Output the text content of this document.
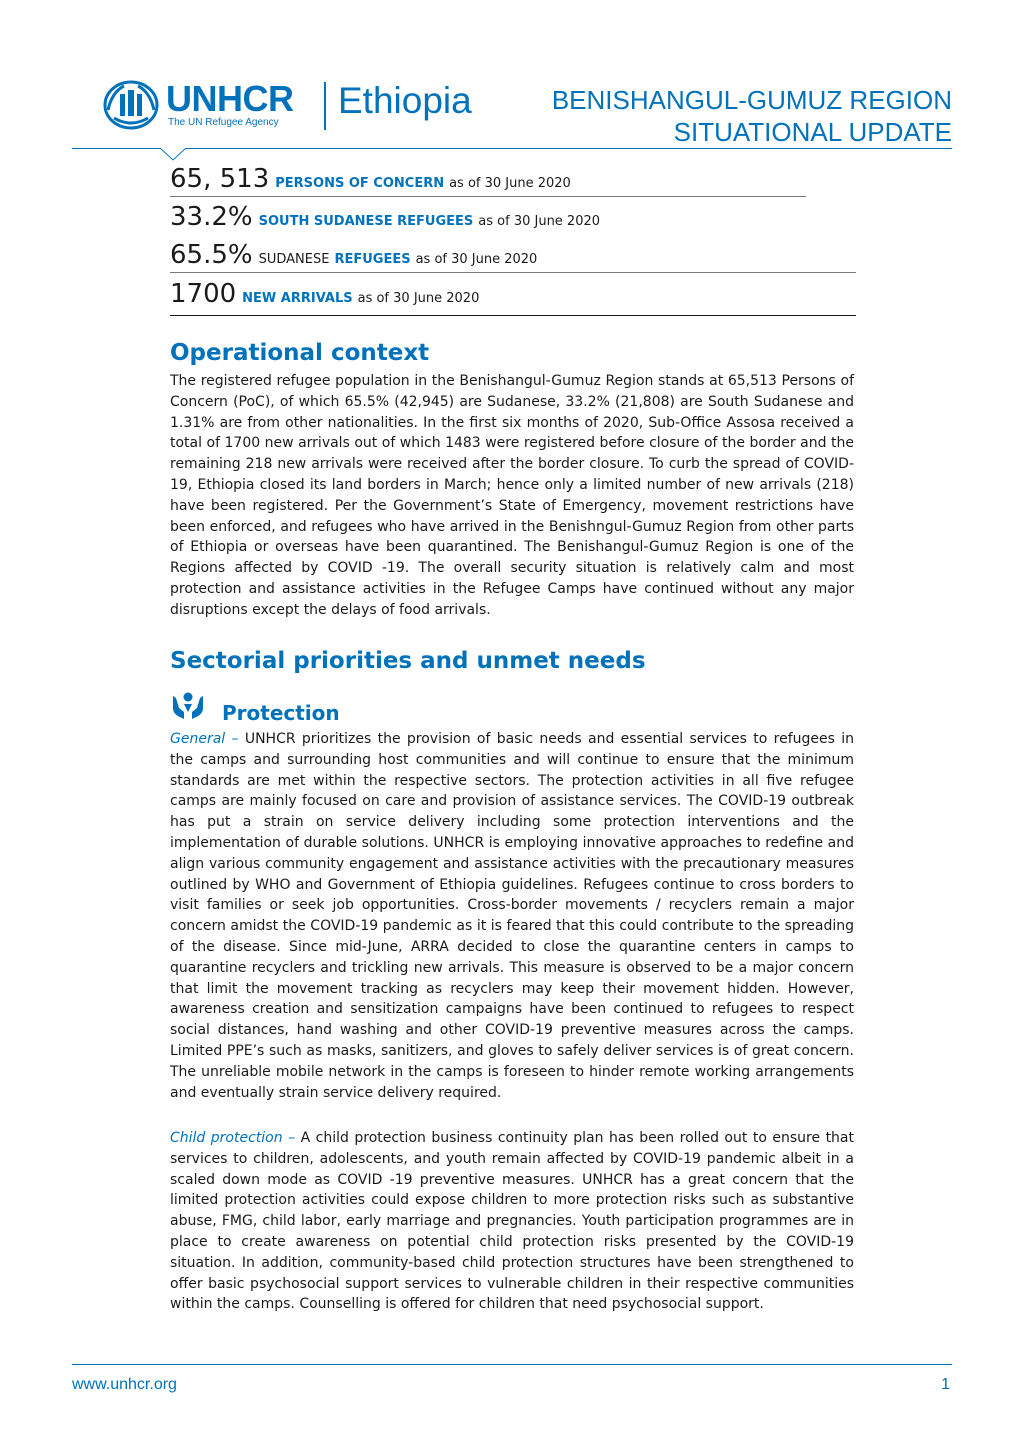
UNHCR
The UN Refugee Agency
Ethiopia	BENISHANGUL-GUMUZ REGION
SITUATIONAL UPDATE
65, 513 PERSONS OF CONCERN as of 30 June 2020
33.2% SOUTH SUDANESE REFUGEES as of 30 June 2020
65.5% SUDANESE REFUGEES as of 30 June 2020
1700 NEW ARRIVALS as of 30 June 2020
Operational context

The registered refugee population in the Benishangul-Gumuz Region stands at 65,513 Persons of Concern (PoC), of which 65.5% (42,945) are Sudanese, 33.2% (21,808) are South Sudanese and 1.31% are from other nationalities. In the first six months of 2020, Sub-Office Assosa received a total of 1700 new arrivals out of which 1483 were registered before closure of the border and the remaining 218 new arrivals were received after the border closure. To curb the spread of COVID-19, Ethiopia closed its land borders in March; hence only a limited number of new arrivals (218) have been registered. Per the Government’s State of Emergency, movement restrictions have been enforced, and refugees who have arrived in the Benishngul-Gumuz Region from other parts of Ethiopia or overseas have been quarantined. The Benishangul-Gumuz Region is one of the Regions affected by COVID -19. The overall security situation is relatively calm and most protection and assistance activities in the Refugee Camps have continued without any major disruptions except the delays of food arrivals.

Sectorial priorities and unmet needs
Protection

General – UNHCR prioritizes the provision of basic needs and essential services to refugees in the camps and surrounding host communities and will continue to ensure that the minimum standards are met within the respective sectors. The protection activities in all five refugee camps are mainly focused on care and provision of assistance services. The COVID-19 outbreak has put a strain on service delivery including some protection interventions and the implementation of durable solutions. UNHCR is employing innovative approaches to redefine and align various community engagement and assistance activities with the precautionary measures outlined by WHO and Government of Ethiopia guidelines. Refugees continue to cross borders to visit families or seek job opportunities. Cross-border movements / recyclers remain a major concern amidst the COVID-19 pandemic as it is feared that this could contribute to the spreading of the disease. Since mid-June, ARRA decided to close the quarantine centers in camps to quarantine recyclers and trickling new arrivals. This measure is observed to be a major concern that limit the movement tracking as recyclers may keep their movement hidden. However, awareness creation and sensitization campaigns have been continued to refugees to respect social distances, hand washing and other COVID-19 preventive measures across the camps. Limited PPE’s such as masks, sanitizers, and gloves to safely deliver services is of great concern. The unreliable mobile network in the camps is foreseen to hinder remote working arrangements and eventually strain service delivery required.

Child protection – A child protection business continuity plan has been rolled out to ensure that services to children, adolescents, and youth remain affected by COVID-19 pandemic albeit in a scaled down mode as COVID -19 preventive measures. UNHCR has a great concern that the limited protection activities could expose children to more protection risks such as substantive abuse, FMG, child labor, early marriage and pregnancies. Youth participation programmes are in place to create awareness on potential child protection risks presented by the COVID-19 situation. In addition, community-based child protection structures have been strengthened to offer basic psychosocial support services to vulnerable children in their respective communities within the camps. Counselling is offered for children that need psychosocial support.

www.unhcr.org	1
